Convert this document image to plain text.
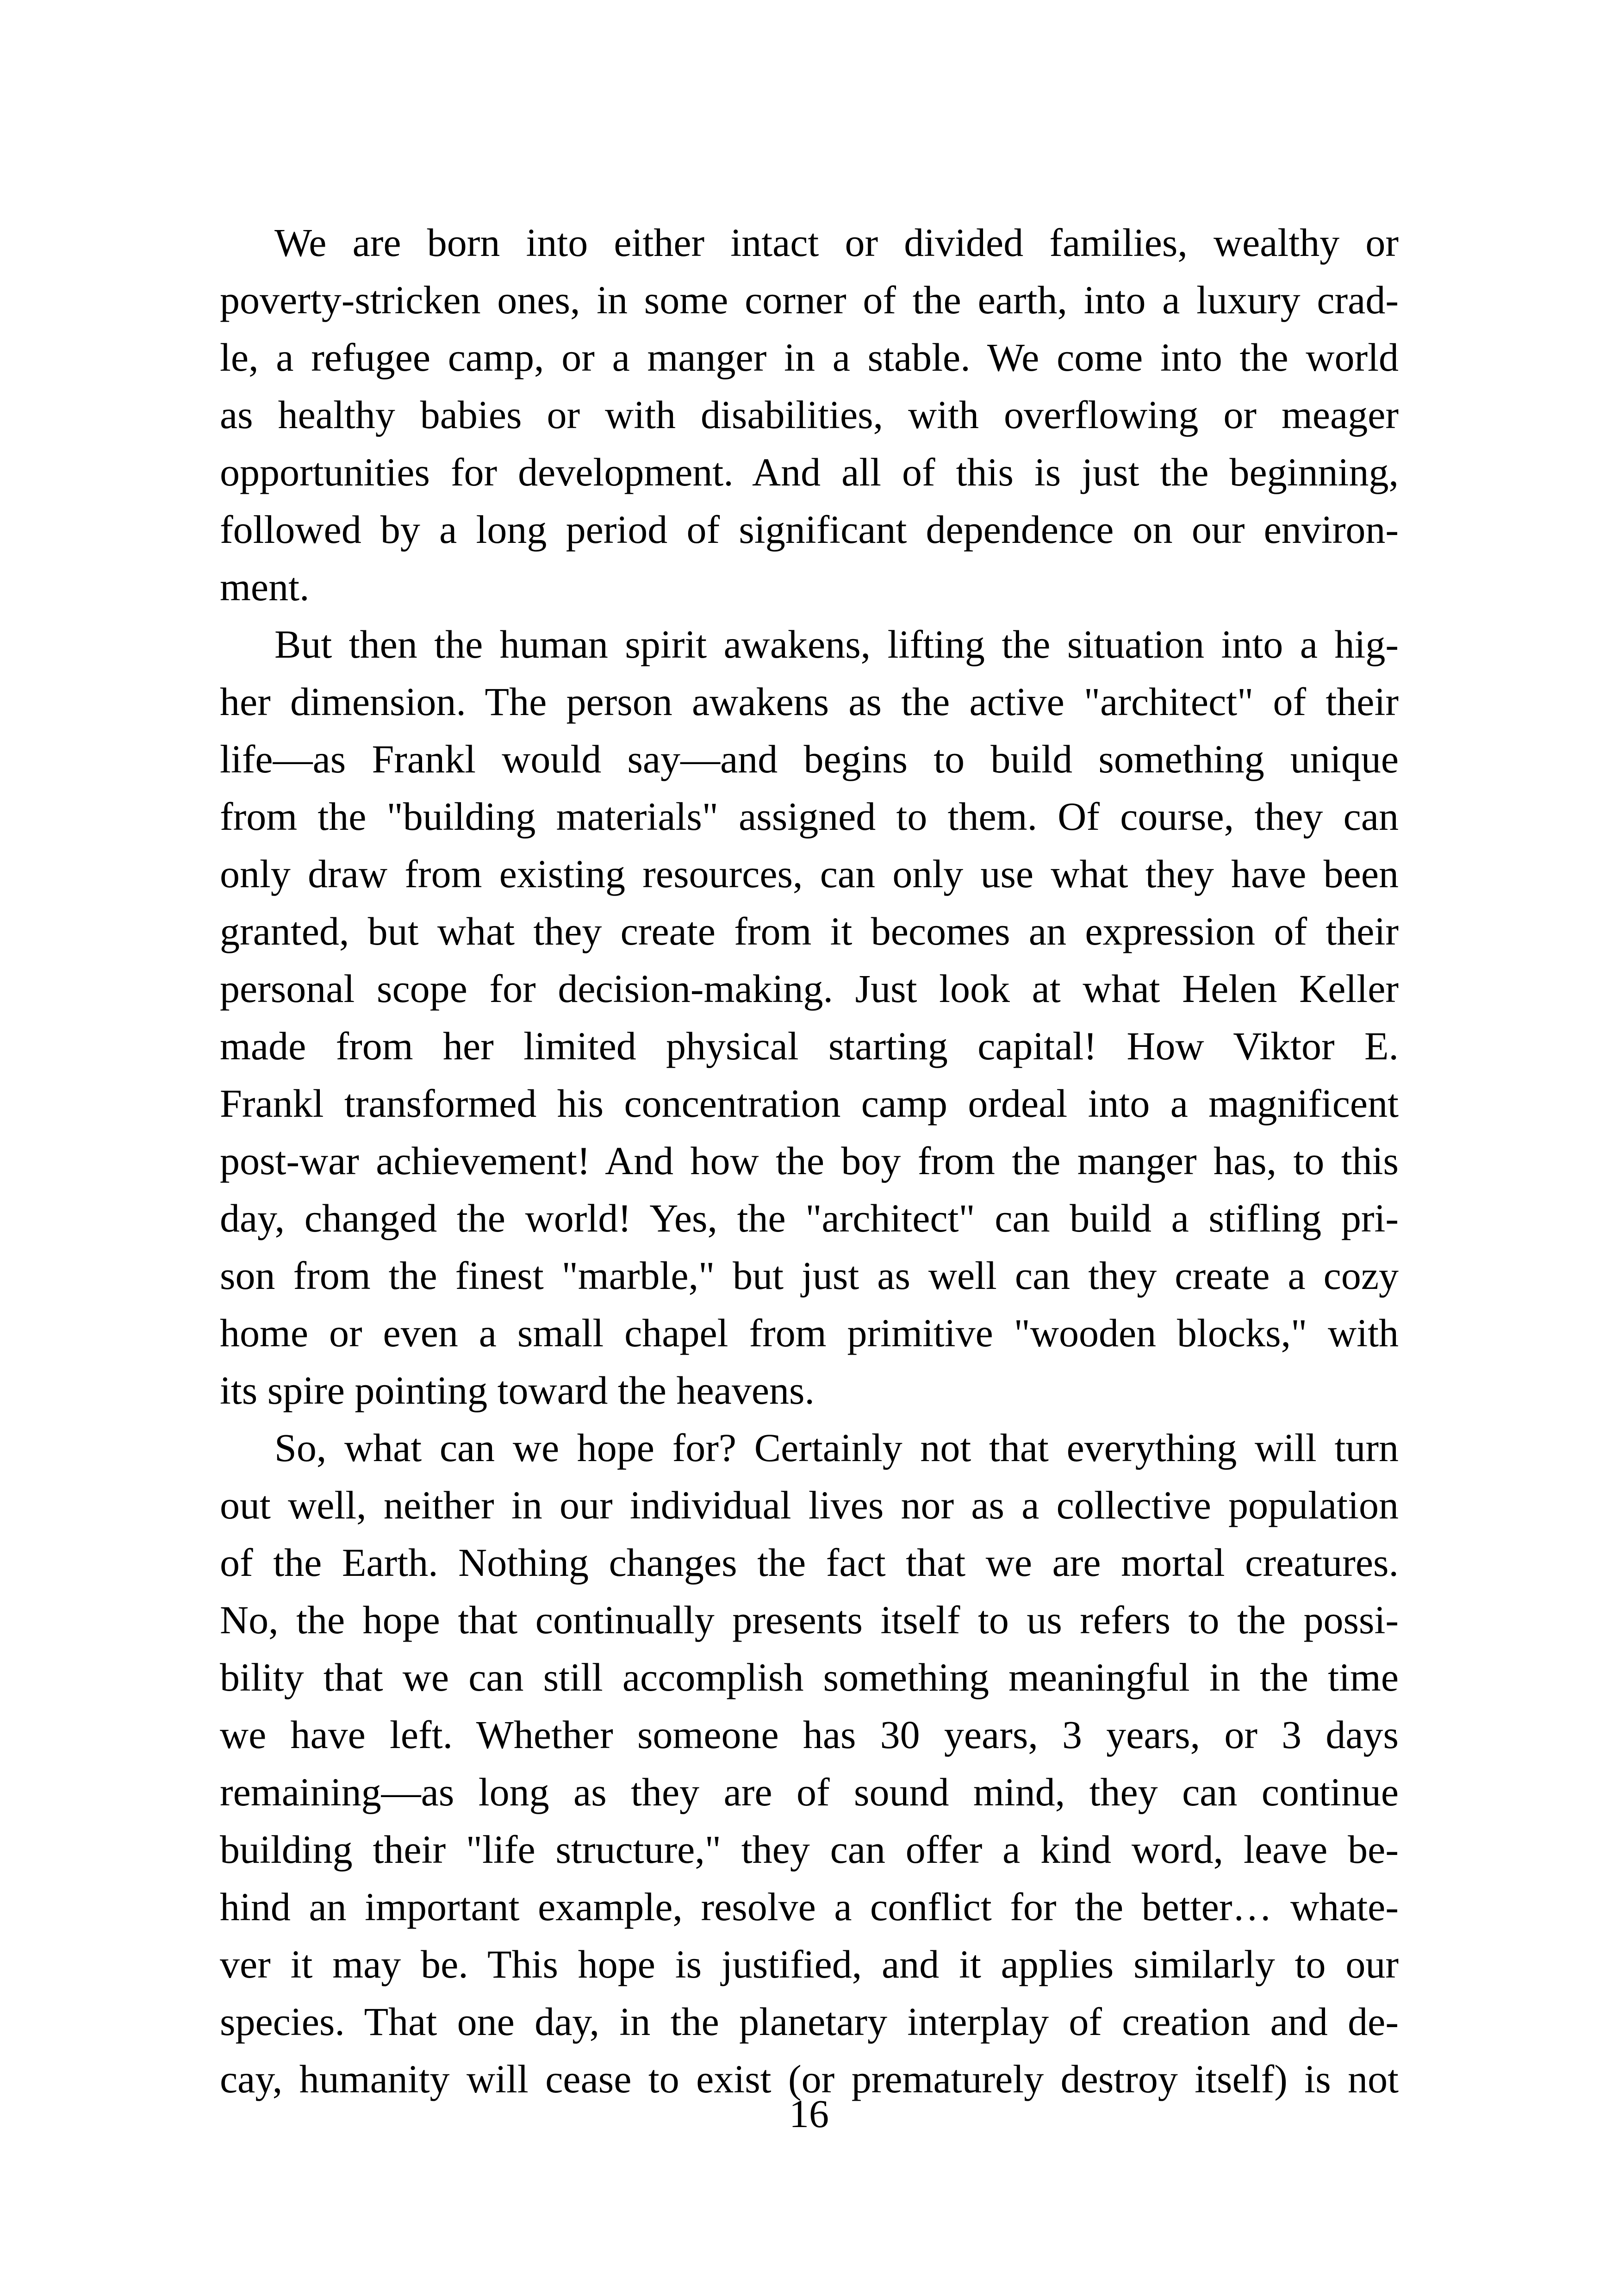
We are born into either intact or divided families, wealthy or
poverty-stricken ones, in some corner of the earth, into a luxury crad-
le, a refugee camp, or a manger in a stable. We come into the world
as healthy babies or with disabilities, with overflowing or meager
opportunities for development. And all of this is just the beginning,
followed by a long period of significant dependence on our environ-
ment.
But then the human spirit awakens, lifting the situation into a hig-
her dimension. The person awakens as the active "architect" of their
life—as Frankl would say—and begins to build something unique
from the "building materials" assigned to them. Of course, they can
only draw from existing resources, can only use what they have been
granted, but what they create from it becomes an expression of their
personal scope for decision-making. Just look at what Helen Keller
made from her limited physical starting capital! How Viktor E.
Frankl transformed his concentration camp ordeal into a magnificent
post-war achievement! And how the boy from the manger has, to this
day, changed the world! Yes, the "architect" can build a stifling pri-
son from the finest "marble," but just as well can they create a cozy
home or even a small chapel from primitive "wooden blocks," with
its spire pointing toward the heavens.
So, what can we hope for? Certainly not that everything will turn
out well, neither in our individual lives nor as a collective population
of the Earth. Nothing changes the fact that we are mortal creatures.
No, the hope that continually presents itself to us refers to the possi-
bility that we can still accomplish something meaningful in the time
we have left. Whether someone has 30 years, 3 years, or 3 days
remaining—as long as they are of sound mind, they can continue
building their "life structure," they can offer a kind word, leave be-
hind an important example, resolve a conflict for the better… whate-
ver it may be. This hope is justified, and it applies similarly to our
species. That one day, in the planetary interplay of creation and de-
cay, humanity will cease to exist (or prematurely destroy itself) is not
16
